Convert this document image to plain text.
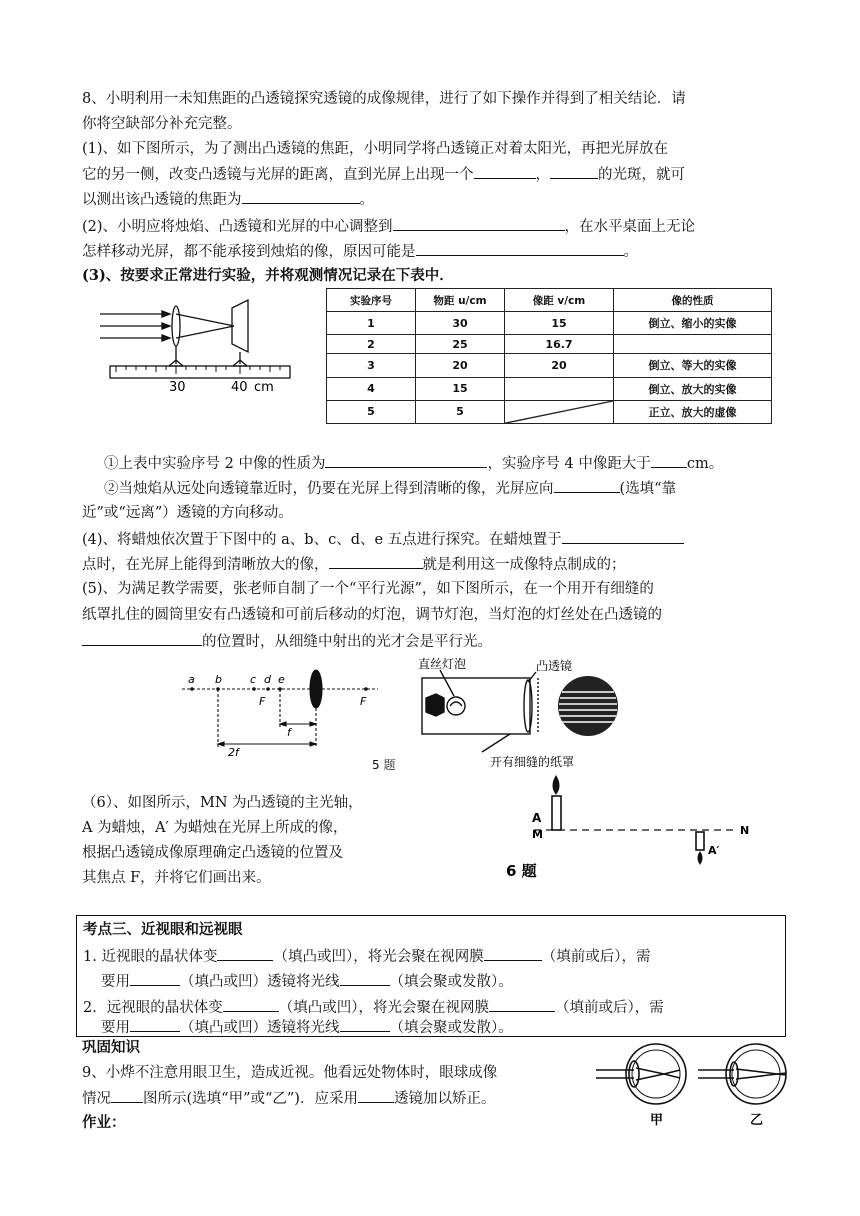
8、小明利用一未知焦距的凸透镜探究透镜的成像规律，进行了如下操作并得到了相关结论．请
你将空缺部分补充完整。
(1)、如下图所示，为了测出凸透镜的焦距，小明同学将凸透镜正对着太阳光，再把光屏放在
它的另一侧，改变凸透镜与光屏的距离，直到光屏上出现一个	，	的光斑，就可
以测出该凸透镜的焦距为	。
(2)、小明应将烛焰、凸透镜和光屏的中心调整到	，在水平桌面上无论
怎样移动光屏，都不能承接到烛焰的像，原因可能是	。
(3)、按要求正常进行实验，并将观测情况记录在下表中．
30	40 cm
实验序号	物距 u/cm	像距 v/cm	像的性质
1	30	15	倒立、缩小的实像
2	25	16.7	
3	20	20	倒立、等大的实像
4	15		倒立、放大的实像
5	5		正立、放大的虚像
①上表中实验序号 2 中像的性质为	，实验序号 4 中像距大于 cm。
②当烛焰从远处向透镜靠近时，仍要在光屏上得到清晰的像，光屏应向	(选填“靠
近”或“远离”）透镜的方向移动。
(4)、将蜡烛依次置于下图中的 a、b、c、d、e 五点进行探究。在蜡烛置于
点时，在光屏上能得到清晰放大的像，	就是利用这一成像特点制成的；
(5)、为满足教学需要，张老师自制了一个“平行光源”，如下图所示，在一个用开有细缝的
纸罩扎住的圆筒里安有凸透镜和可前后移动的灯泡，调节灯泡，当灯泡的灯丝处在凸透镜的
的位置时，从细缝中射出的光才会是平行光。
a b	c d e
F	F
2f
f
直丝灯泡	凸透镜
开有细缝的纸罩
5 题
（6）、如图所示，MN 为凸透镜的主光轴，
A 为蜡烛，A′ 为蜡烛在光屏上所成的像，
根据凸透镜成像原理确定凸透镜的位置及
其焦点 F，并将它们画出来。
A
M	N
A′
6 题
考点三、近视眼和远视眼
1. 近视眼的晶状体变	（填凸或凹），将光会聚在视网膜	（填前或后），需
要用	（填凸或凹）透镜将光线	（填会聚或发散）。
2．远视眼的晶状体变	（填凸或凹），将光会聚在视网膜	（填前或后），需
要用	（填凸或凹）透镜将光线	（填会聚或发散）。
巩固知识
9、小烨不注意用眼卫生，造成近视。他看远处物体时，眼球成像
情况 图所示(选填“甲”或“乙”)．应采用 透镜加以矫正。
作业：	甲	乙
